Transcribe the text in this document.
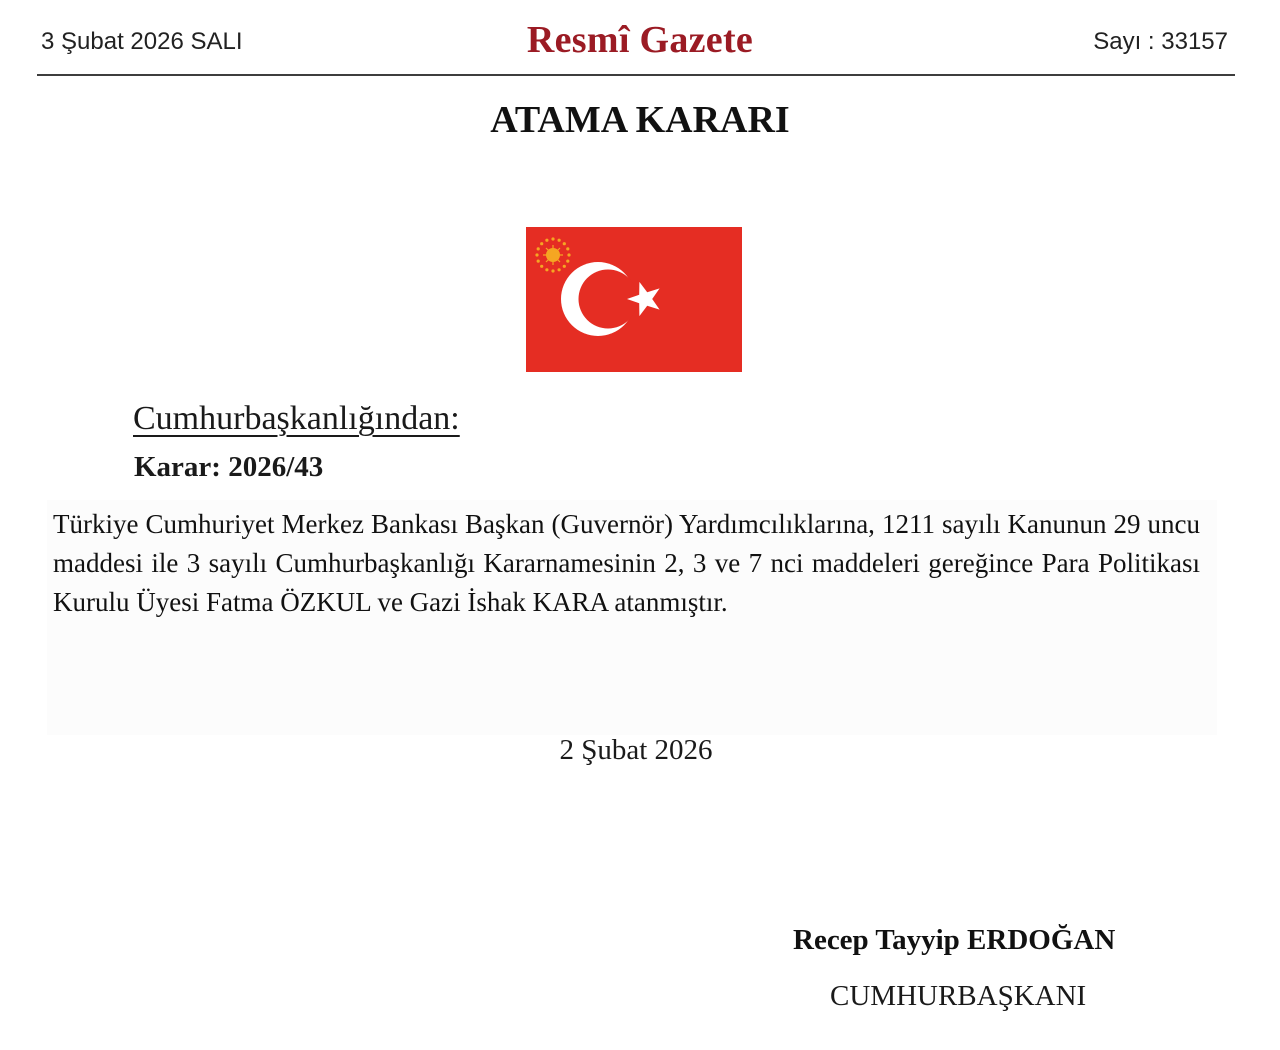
3 Şubat 2026 SALI	Resmî Gazete	Sayı : 33157
ATAMA KARARI
Cumhurbaşkanlığından:
Karar: 2026/43
Türkiye Cumhuriyet Merkez Bankası Başkan (Guvernör) Yardımcılıklarına, 1211 sayılı Kanunun 29 uncu maddesi ile 3 sayılı Cumhurbaşkanlığı Kararnamesinin 2, 3 ve 7 nci maddeleri gereğince Para Politikası Kurulu Üyesi Fatma ÖZKUL ve Gazi İshak KARA atanmıştır.
2 Şubat 2026
Recep Tayyip ERDOĞAN
CUMHURBAŞKANI
